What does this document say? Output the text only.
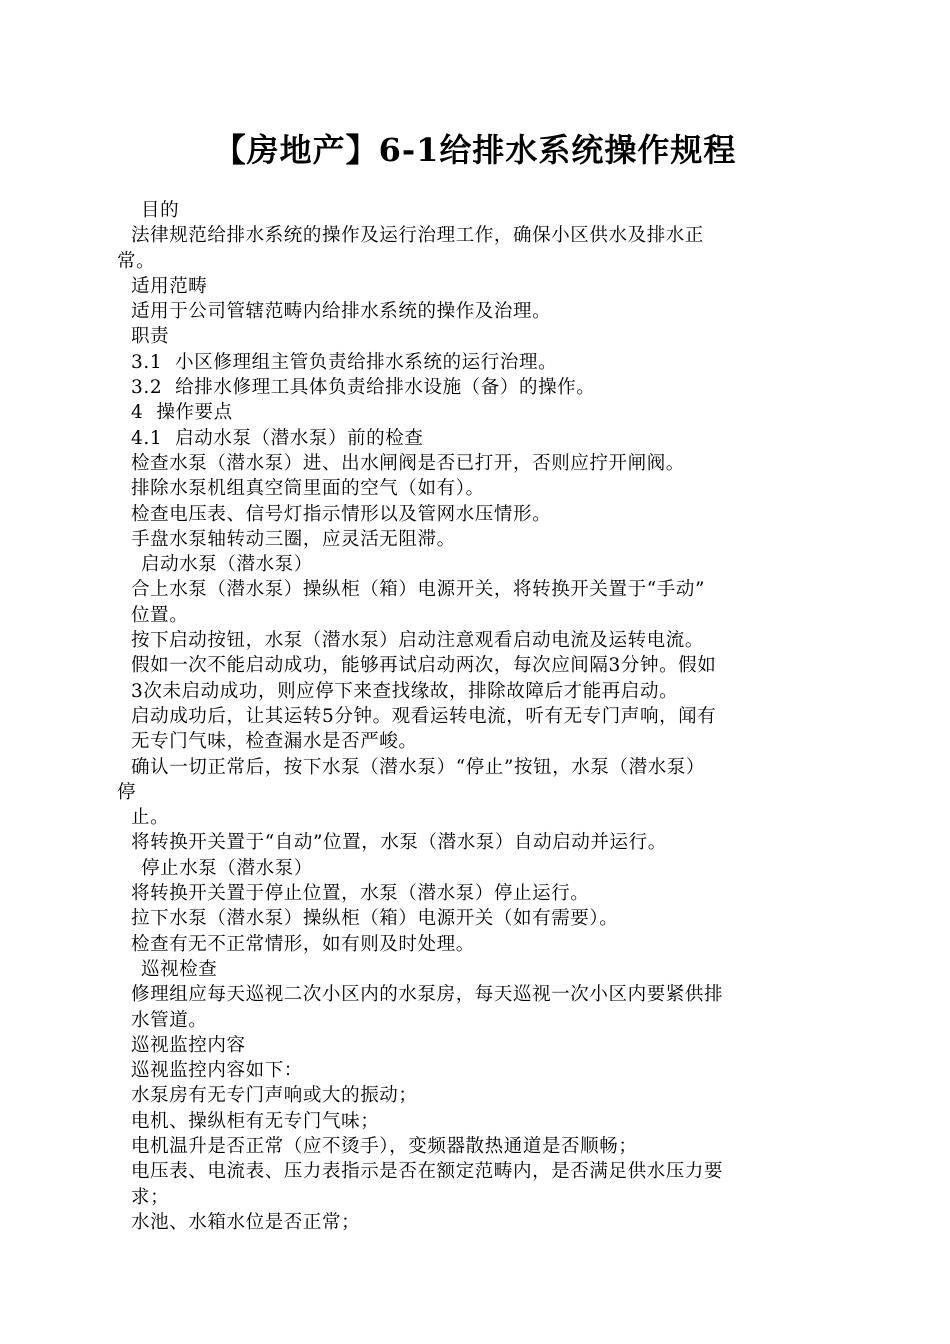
【房地产】6-1给排水系统操作规程
目的
法律规范给排水系统的操作及运行治理工作，确保小区供水及排水正
常。
适用范畴
适用于公司管辖范畴内给排水系统的操作及治理。
职责
3.1  小区修理组主管负责给排水系统的运行治理。
3.2  给排水修理工具体负责给排水设施（备）的操作。
4  操作要点
4.1  启动水泵（潜水泵）前的检查
检查水泵（潜水泵）进、出水闸阀是否已打开，否则应拧开闸阀。
排除水泵机组真空筒里面的空气（如有）。
检查电压表、信号灯指示情形以及管网水压情形。
手盘水泵轴转动三圈，应灵活无阻滞。
启动水泵（潜水泵）
合上水泵（潜水泵）操纵柜（箱）电源开关，将转换开关置于“手动”
位置。
按下启动按钮，水泵（潜水泵）启动注意观看启动电流及运转电流。
假如一次不能启动成功，能够再试启动两次，每次应间隔3分钟。假如
3次未启动成功，则应停下来查找缘故，排除故障后才能再启动。
启动成功后，让其运转5分钟。观看运转电流，听有无专门声响，闻有
无专门气味，检查漏水是否严峻。
确认一切正常后，按下水泵（潜水泵）“停止”按钮，水泵（潜水泵）
停
止。
将转换开关置于“自动”位置，水泵（潜水泵）自动启动并运行。
停止水泵（潜水泵）
将转换开关置于停止位置，水泵（潜水泵）停止运行。
拉下水泵（潜水泵）操纵柜（箱）电源开关（如有需要）。
检查有无不正常情形，如有则及时处理。
巡视检查
修理组应每天巡视二次小区内的水泵房，每天巡视一次小区内要紧供排
水管道。
巡视监控内容
巡视监控内容如下：
水泵房有无专门声响或大的振动；
电机、操纵柜有无专门气味；
电机温升是否正常（应不烫手），变频器散热通道是否顺畅；
电压表、电流表、压力表指示是否在额定范畴内，是否满足供水压力要
求；
水池、水箱水位是否正常；
